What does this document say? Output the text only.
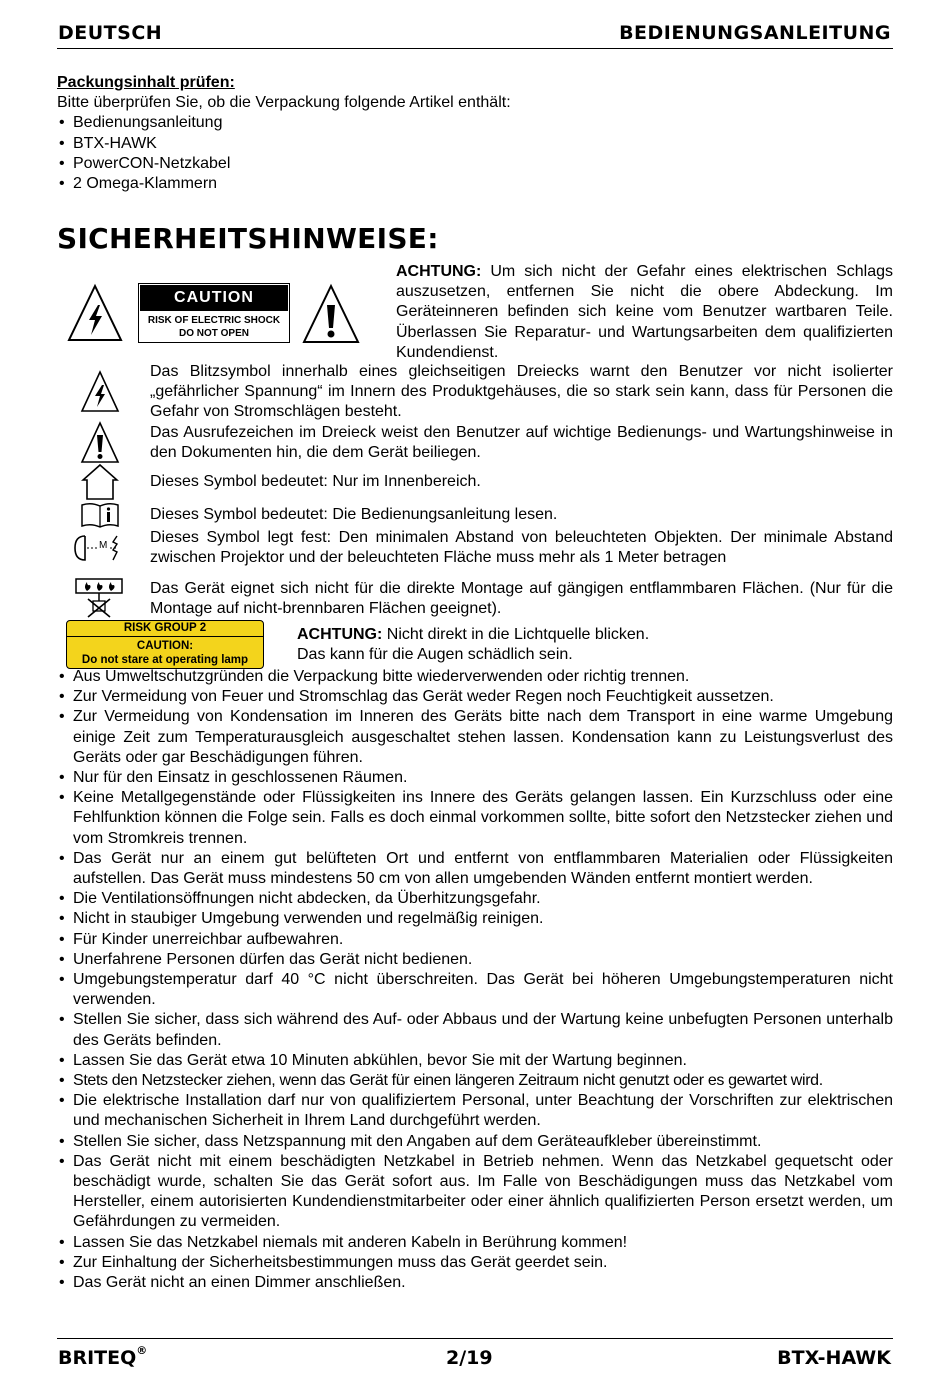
DEUTSCH	BEDIENUNGSANLEITUNG
Packungsinhalt prüfen:
Bitte überprüfen Sie, ob die Verpackung folgende Artikel enthält:
• Bedienungsanleitung
• BTX-HAWK
• PowerCON-Netzkabel
• 2 Omega-Klammern
SICHERHEITSHINWEISE:
CAUTION
RISK OF ELECTRIC SHOCK
DO NOT OPEN
ACHTUNG: Um sich nicht der Gefahr eines elektrischen Schlags auszusetzen, entfernen Sie nicht die obere Abdeckung. Im Geräteinneren befinden sich keine vom Benutzer wartbaren Teile. Überlassen Sie Reparatur- und Wartungsarbeiten dem qualifizierten Kundendienst.
Das Blitzsymbol innerhalb eines gleichseitigen Dreiecks warnt den Benutzer vor nicht isolierter „gefährlicher Spannung“ im Innern des Produktgehäuses, die so stark sein kann, dass für Personen die Gefahr von Stromschlägen besteht.
Das Ausrufezeichen im Dreieck weist den Benutzer auf wichtige Bedienungs- und Wartungshinweise in den Dokumenten hin, die dem Gerät beiliegen.
Dieses Symbol bedeutet: Nur im Innenbereich.
Dieses Symbol bedeutet: Die Bedienungsanleitung lesen.
M	Dieses Symbol legt fest: Den minimalen Abstand von beleuchteten Objekten. Der minimale Abstand zwischen Projektor und der beleuchteten Fläche muss mehr als 1 Meter betragen
Das Gerät eignet sich nicht für die direkte Montage auf gängigen entflammbaren Flächen. (Nur für die Montage auf nicht-brennbaren Flächen geeignet).
RISK GROUP 2
CAUTION:
Do not stare at operating lamp
ACHTUNG: Nicht direkt in die Lichtquelle blicken.
Das kann für die Augen schädlich sein.
• Aus Umweltschutzgründen die Verpackung bitte wiederverwenden oder richtig trennen.
• Zur Vermeidung von Feuer und Stromschlag das Gerät weder Regen noch Feuchtigkeit aussetzen.
• Zur Vermeidung von Kondensation im Inneren des Geräts bitte nach dem Transport in eine warme Umgebung einige Zeit zum Temperaturausgleich ausgeschaltet stehen lassen. Kondensation kann zu Leistungsverlust des Geräts oder gar Beschädigungen führen.
• Nur für den Einsatz in geschlossenen Räumen.
• Keine Metallgegenstände oder Flüssigkeiten ins Innere des Geräts gelangen lassen. Ein Kurzschluss oder eine Fehlfunktion können die Folge sein. Falls es doch einmal vorkommen sollte, bitte sofort den Netzstecker ziehen und vom Stromkreis trennen.
• Das Gerät nur an einem gut belüfteten Ort und entfernt von entflammbaren Materialien oder Flüssigkeiten aufstellen. Das Gerät muss mindestens 50 cm von allen umgebenden Wänden entfernt montiert werden.
• Die Ventilationsöffnungen nicht abdecken, da Überhitzungsgefahr.
• Nicht in staubiger Umgebung verwenden und regelmäßig reinigen.
• Für Kinder unerreichbar aufbewahren.
• Unerfahrene Personen dürfen das Gerät nicht bedienen.
• Umgebungstemperatur darf 40 °C nicht überschreiten. Das Gerät bei höheren Umgebungstemperaturen nicht verwenden.
• Stellen Sie sicher, dass sich während des Auf- oder Abbaus und der Wartung keine unbefugten Personen unterhalb des Geräts befinden.
• Lassen Sie das Gerät etwa 10 Minuten abkühlen, bevor Sie mit der Wartung beginnen.
• Stets den Netzstecker ziehen, wenn das Gerät für einen längeren Zeitraum nicht genutzt oder es gewartet wird.
• Die elektrische Installation darf nur von qualifiziertem Personal, unter Beachtung der Vorschriften zur elektrischen und mechanischen Sicherheit in Ihrem Land durchgeführt werden.
• Stellen Sie sicher, dass Netzspannung mit den Angaben auf dem Geräteaufkleber übereinstimmt.
• Das Gerät nicht mit einem beschädigten Netzkabel in Betrieb nehmen. Wenn das Netzkabel gequetscht oder beschädigt wurde, schalten Sie das Gerät sofort aus. Im Falle von Beschädigungen muss das Netzkabel vom Hersteller, einem autorisierten Kundendienstmitarbeiter oder einer ähnlich qualifizierten Person ersetzt werden, um Gefährdungen zu vermeiden.
• Lassen Sie das Netzkabel niemals mit anderen Kabeln in Berührung kommen!
• Zur Einhaltung der Sicherheitsbestimmungen muss das Gerät geerdet sein.
• Das Gerät nicht an einen Dimmer anschließen.
BRITEQ®	2/19	BTX-HAWK
